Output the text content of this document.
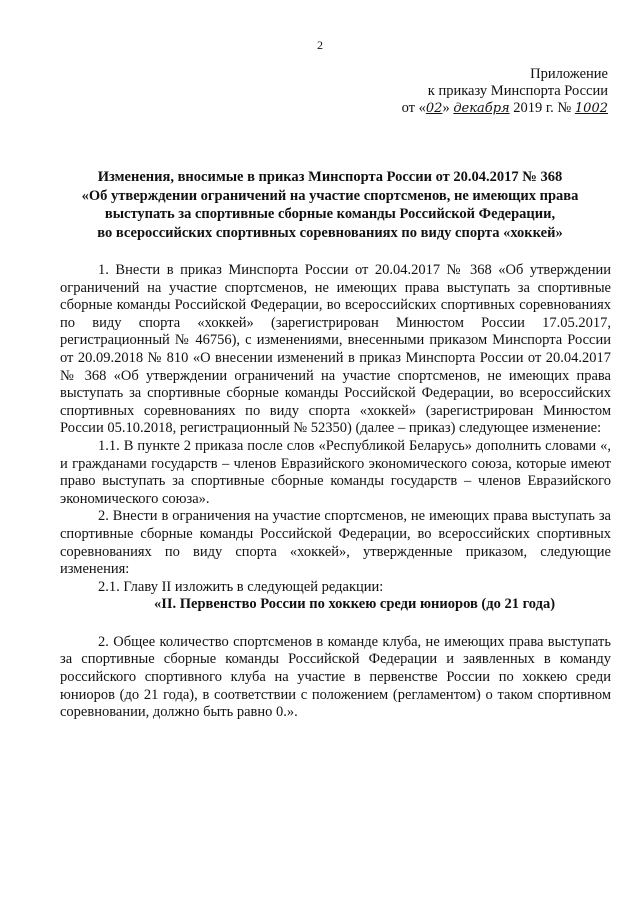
2
Приложение
к приказу Минспорта России
от «02» декабря 2019 г. № 1002
Изменения, вносимые в приказ Минспорта России от 20.04.2017 № 368
«Об утверждении ограничений на участие спортсменов, не имеющих права
выступать за спортивные сборные команды Российской Федерации,
во всероссийских спортивных соревнованиях по виду спорта «хоккей»

1. Внести в приказ Минспорта России от 20.04.2017 № 368 «Об утверждении ограничений на участие спортсменов, не имеющих права выступать за спортивные сборные команды Российской Федерации, во всероссийских спортивных соревнованиях по виду спорта «хоккей» (зарегистрирован Минюстом России 17.05.2017, регистрационный № 46756), с изменениями, внесенными приказом Минспорта России от 20.09.2018 № 810 «О внесении изменений в приказ Минспорта России от 20.04.2017 № 368 «Об утверждении ограничений на участие спортсменов, не имеющих права выступать за спортивные сборные команды Российской Федерации, во всероссийских спортивных соревнованиях по виду спорта «хоккей» (зарегистрирован Минюстом России 05.10.2018, регистрационный № 52350) (далее – приказ) следующее изменение:

1.1. В пункте 2 приказа после слов «Республикой Беларусь» дополнить словами «, и гражданами государств – членов Евразийского экономического союза, которые имеют право выступать за спортивные сборные команды государств – членов Евразийского экономического союза».

2. Внести в ограничения на участие спортсменов, не имеющих права выступать за спортивные сборные команды Российской Федерации, во всероссийских спортивных соревнованиях по виду спорта «хоккей», утвержденные приказом, следующие изменения:

2.1. Главу II изложить в следующей редакции:

«II. Первенство России по хоккею среди юниоров (до 21 года)

2. Общее количество спортсменов в команде клуба, не имеющих права выступать за спортивные сборные команды Российской Федерации и заявленных в команду российского спортивного клуба на участие в первенстве России по хоккею среди юниоров (до 21 года), в соответствии с положением (регламентом) о таком спортивном соревновании, должно быть равно 0.».
